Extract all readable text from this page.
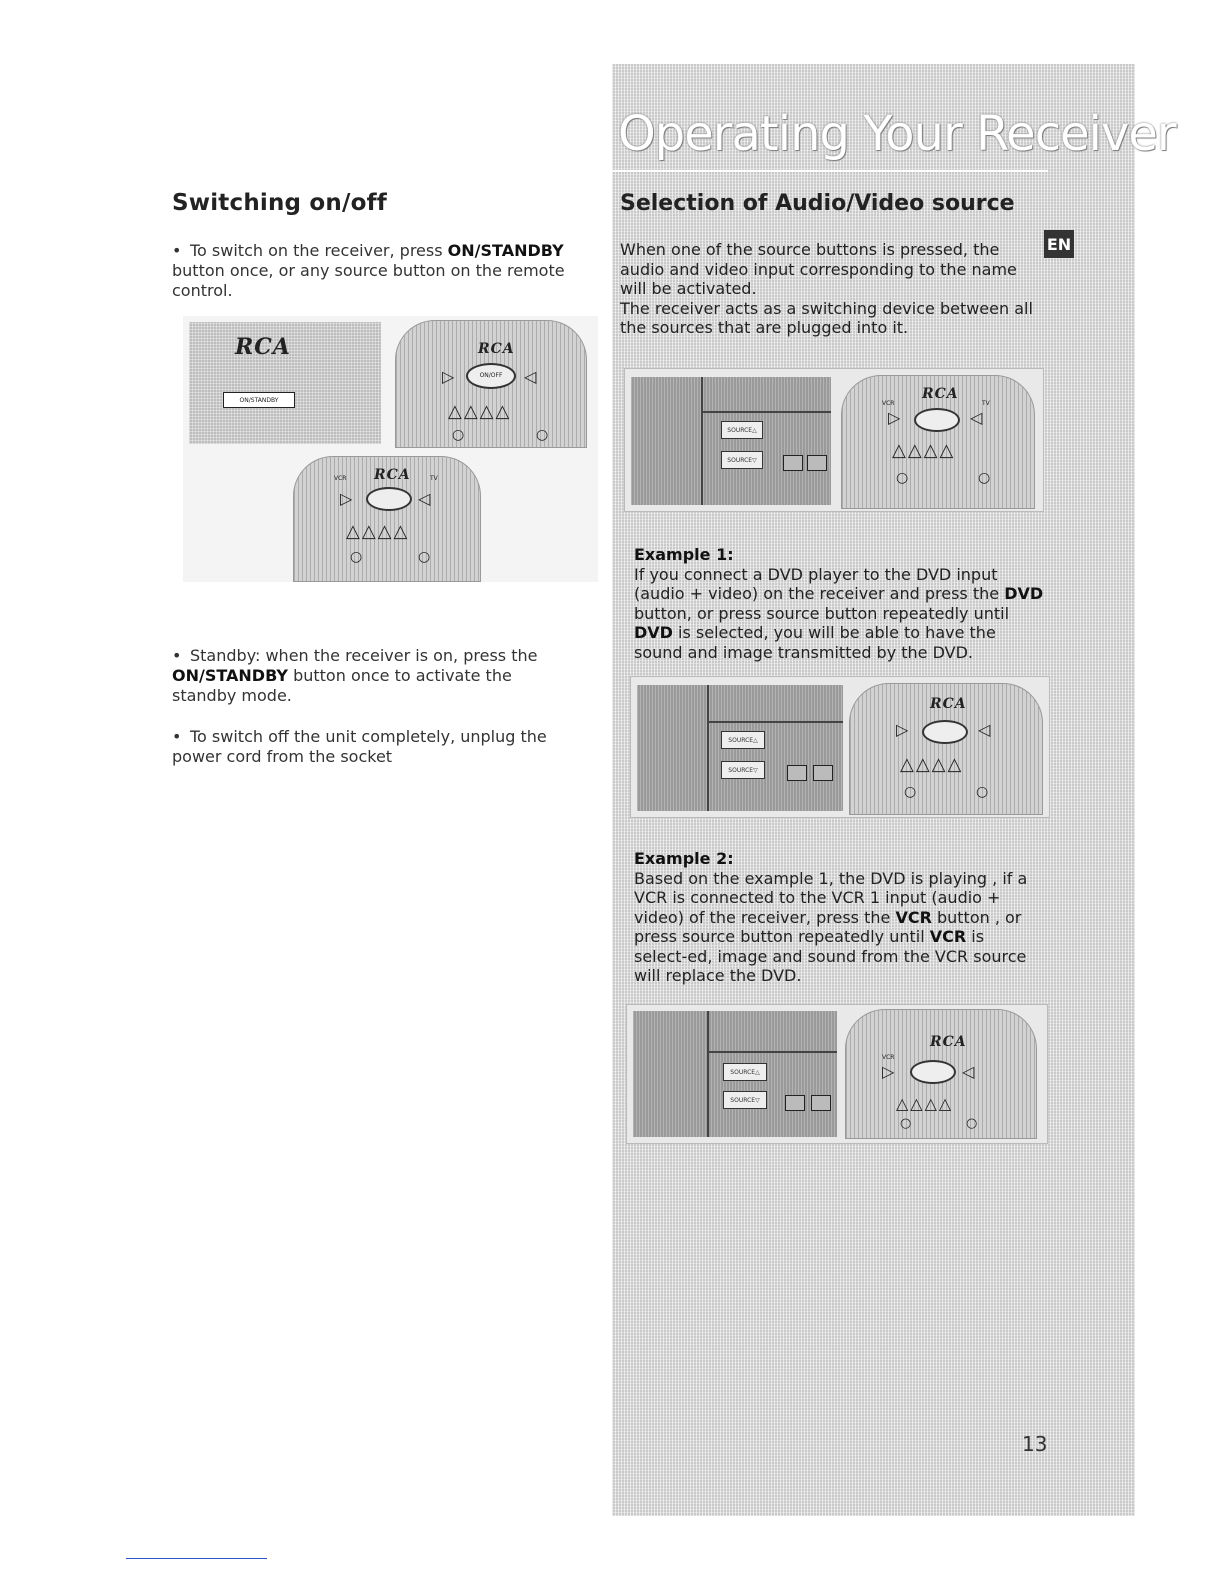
Switching on/off
• To switch on the receiver, press ON/STANDBY button once, or any source button on the remote control.
RCA
ON/STANDBY
RCA
ON/OFF
▷	◁
△△△△
○	○
RCA
VCR	TV
▷	◁
△△△△
○	○
• Standby: when the receiver is on, press the ON/STANDBY button once to activate the standby mode.
• To switch off the unit completely, unplug the power cord from the socket
Operating Your Receiver
Selection of Audio/Video source
EN
When one of the source buttons is pressed, the audio and video input corresponding to the name will be activated.
The receiver acts as a switching device between all the sources that are plugged into it.
SOURCE△
SOURCE▽
RCA
VCR	TV
▷	◁
△△△△
○	○
Example 1:
If you connect a DVD player to the DVD input (audio + video) on the receiver and press the DVD button, or press source button repeatedly until DVD is selected, you will be able to have the sound and image transmitted by the DVD.
SOURCE△
SOURCE▽
RCA
▷	◁
△△△△
○	○
Example 2:
Based on the example 1, the DVD is playing , if a VCR is connected to the VCR 1 input (audio + video) of the receiver, press the VCR button , or press source button repeatedly until VCR is select-ed, image and sound from the VCR source will replace the DVD.
SOURCE△
SOURCE▽
RCA
VCR
▷	◁
△△△△
○	○
13
